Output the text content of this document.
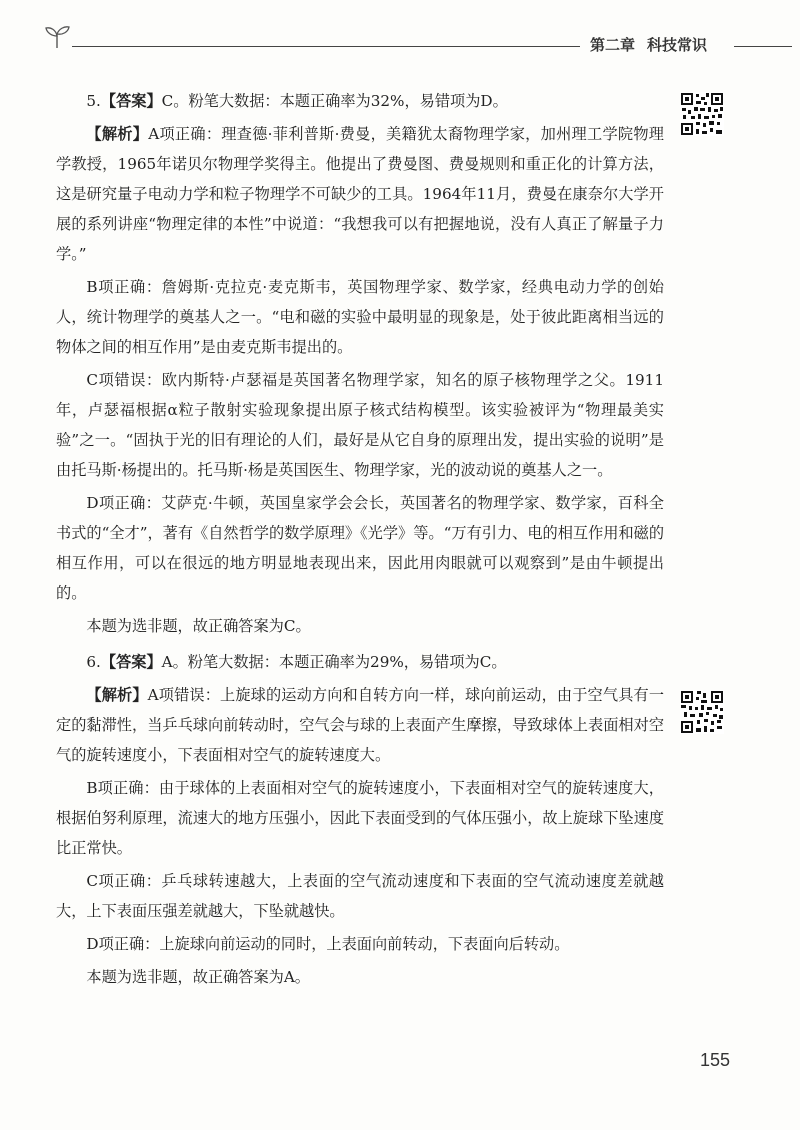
第二章 科技常识

5.【答案】C。粉笔大数据：本题正确率为32%，易错项为D。

【解析】A项正确：理查德·菲利普斯·费曼，美籍犹太裔物理学家，加州理工学院物理学教授，1965年诺贝尔物理学奖得主。他提出了费曼图、费曼规则和重正化的计算方法，这是研究量子电动力学和粒子物理学不可缺少的工具。1964年11月，费曼在康奈尔大学开展的系列讲座“物理定律的本性”中说道：“我想我可以有把握地说，没有人真正了解量子力学。”

B项正确：詹姆斯·克拉克·麦克斯韦，英国物理学家、数学家，经典电动力学的创始人，统计物理学的奠基人之一。“电和磁的实验中最明显的现象是，处于彼此距离相当远的物体之间的相互作用”是由麦克斯韦提出的。

C项错误：欧内斯特·卢瑟福是英国著名物理学家，知名的原子核物理学之父。1911年，卢瑟福根据α粒子散射实验现象提出原子核式结构模型。该实验被评为“物理最美实验”之一。“固执于光的旧有理论的人们，最好是从它自身的原理出发，提出实验的说明”是由托马斯·杨提出的。托马斯·杨是英国医生、物理学家，光的波动说的奠基人之一。

D项正确：艾萨克·牛顿，英国皇家学会会长，英国著名的物理学家、数学家，百科全书式的“全才”，著有《自然哲学的数学原理》《光学》等。“万有引力、电的相互作用和磁的相互作用，可以在很远的地方明显地表现出来，因此用肉眼就可以观察到”是由牛顿提出的。

本题为选非题，故正确答案为C。

6.【答案】A。粉笔大数据：本题正确率为29%，易错项为C。

【解析】A项错误：上旋球的运动方向和自转方向一样，球向前运动，由于空气具有一定的黏滞性，当乒乓球向前转动时，空气会与球的上表面产生摩擦，导致球体上表面相对空气的旋转速度小，下表面相对空气的旋转速度大。

B项正确：由于球体的上表面相对空气的旋转速度小，下表面相对空气的旋转速度大，根据伯努利原理，流速大的地方压强小，因此下表面受到的气体压强小，故上旋球下坠速度比正常快。

C项正确：乒乓球转速越大，上表面的空气流动速度和下表面的空气流动速度差就越大，上下表面压强差就越大，下坠就越快。

D项正确：上旋球向前运动的同时，上表面向前转动，下表面向后转动。

本题为选非题，故正确答案为A。

155
